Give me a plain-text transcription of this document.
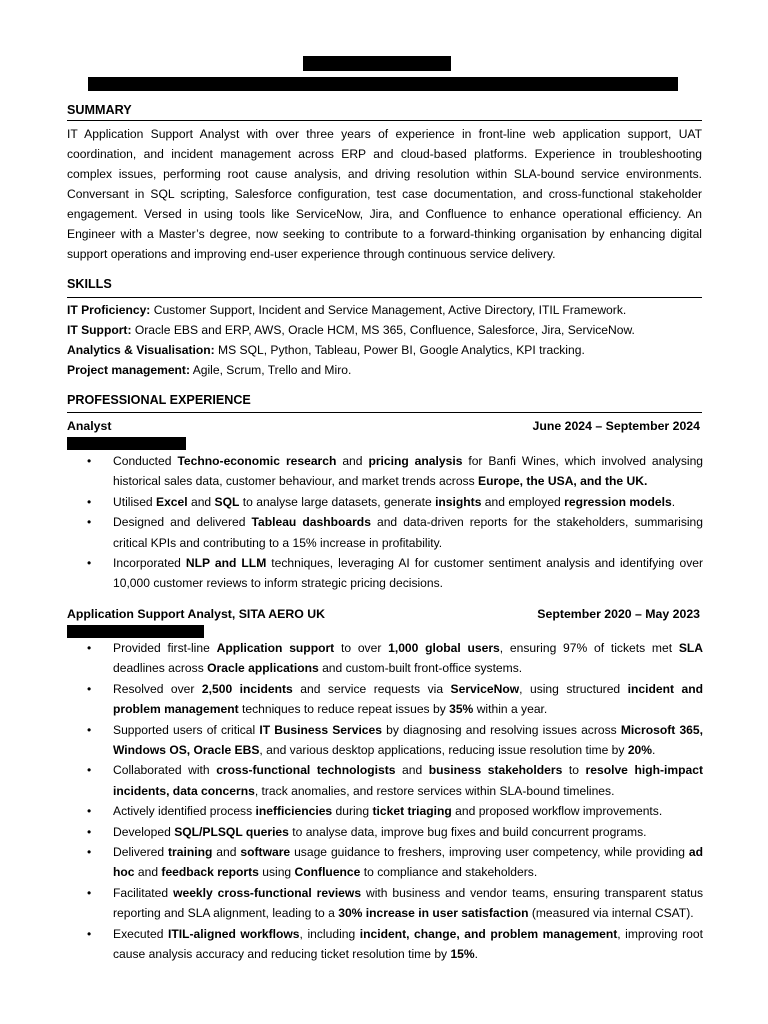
SUMMARY
IT Application Support Analyst with over three years of experience in front-line web application support, UAT coordination, and incident management across ERP and cloud-based platforms. Experience in troubleshooting complex issues, performing root cause analysis, and driving resolution within SLA-bound service environments. Conversant in SQL scripting, Salesforce configuration, test case documentation, and cross-functional stakeholder engagement. Versed in using tools like ServiceNow, Jira, and Confluence to enhance operational efficiency. An Engineer with a Master’s degree, now seeking to contribute to a forward-thinking organisation by enhancing digital support operations and improving end-user experience through continuous service delivery.
SKILLS
IT Proficiency: Customer Support, Incident and Service Management, Active Directory, ITIL Framework.
IT Support: Oracle EBS and ERP, AWS, Oracle HCM, MS 365, Confluence, Salesforce, Jira, ServiceNow.
Analytics & Visualisation: MS SQL, Python, Tableau, Power BI, Google Analytics, KPI tracking.
Project management: Agile, Scrum, Trello and Miro.
PROFESSIONAL EXPERIENCE
Analyst	June 2024 – September 2024
• Conducted Techno-economic research and pricing analysis for Banfi Wines, which involved analysing historical sales data, customer behaviour, and market trends across Europe, the USA, and the UK.
• Utilised Excel and SQL to analyse large datasets, generate insights and employed regression models.
• Designed and delivered Tableau dashboards and data-driven reports for the stakeholders, summarising critical KPIs and contributing to a 15% increase in profitability.
• Incorporated NLP and LLM techniques, leveraging AI for customer sentiment analysis and identifying over 10,000 customer reviews to inform strategic pricing decisions.
Application Support Analyst, SITA AERO UK	September 2020 – May 2023
• Provided first-line Application support to over 1,000 global users, ensuring 97% of tickets met SLA deadlines across Oracle applications and custom-built front-office systems.
• Resolved over 2,500 incidents and service requests via ServiceNow, using structured incident and problem management techniques to reduce repeat issues by 35% within a year.
• Supported users of critical IT Business Services by diagnosing and resolving issues across Microsoft 365, Windows OS, Oracle EBS, and various desktop applications, reducing issue resolution time by 20%.
• Collaborated with cross-functional technologists and business stakeholders to resolve high-impact incidents, data concerns, track anomalies, and restore services within SLA-bound timelines.
• Actively identified process inefficiencies during ticket triaging and proposed workflow improvements.
• Developed SQL/PLSQL queries to analyse data, improve bug fixes and build concurrent programs.
• Delivered training and software usage guidance to freshers, improving user competency, while providing ad hoc and feedback reports using Confluence to compliance and stakeholders.
• Facilitated weekly cross-functional reviews with business and vendor teams, ensuring transparent status reporting and SLA alignment, leading to a 30% increase in user satisfaction (measured via internal CSAT).
• Executed ITIL-aligned workflows, including incident, change, and problem management, improving root cause analysis accuracy and reducing ticket resolution time by 15%.
